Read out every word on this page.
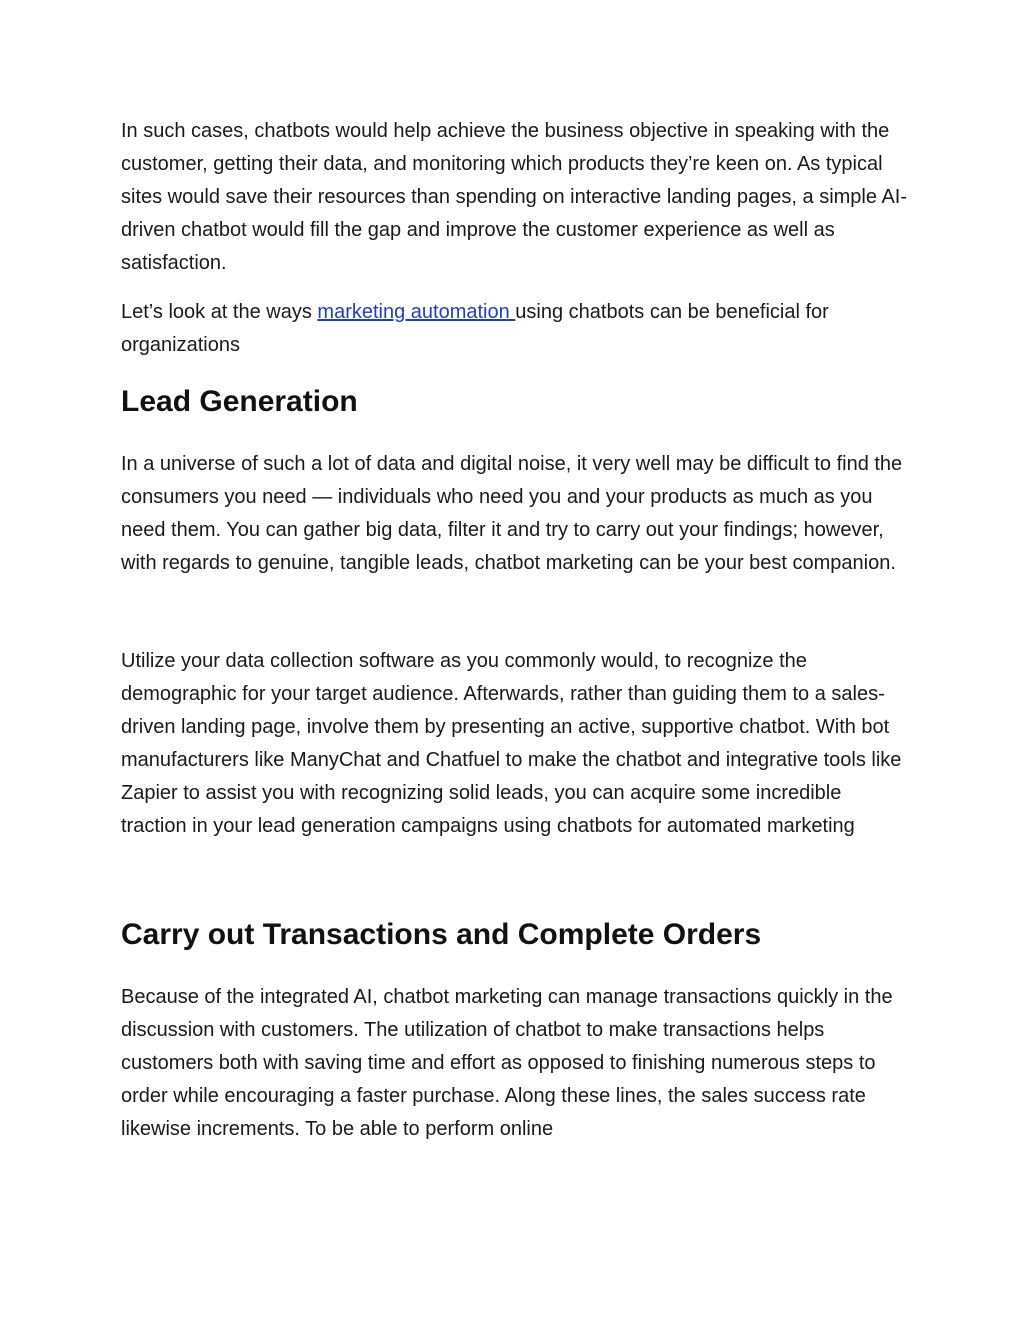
In such cases, chatbots would help achieve the business objective in speaking with the customer, getting their data, and monitoring which products they’re keen on. As typical sites would save their resources than spending on interactive landing pages, a simple AI-driven chatbot would fill the gap and improve the customer experience as well as satisfaction.

Let’s look at the ways marketing automation using chatbots can be beneficial for organizations

Lead Generation

In a universe of such a lot of data and digital noise, it very well may be difficult to find the consumers you need — individuals who need you and your products as much as you need them. You can gather big data, filter it and try to carry out your findings; however, with regards to genuine, tangible leads, chatbot marketing can be your best companion.

Utilize your data collection software as you commonly would, to recognize the demographic for your target audience. Afterwards, rather than guiding them to a sales-driven landing page, involve them by presenting an active, supportive chatbot. With bot manufacturers like ManyChat and Chatfuel to make the chatbot and integrative tools like Zapier to assist you with recognizing solid leads, you can acquire some incredible traction in your lead generation campaigns using chatbots for automated marketing

Carry out Transactions and Complete Orders

Because of the integrated AI, chatbot marketing can manage transactions quickly in the discussion with customers. The utilization of chatbot to make transactions helps customers both with saving time and effort as opposed to finishing numerous steps to order while encouraging a faster purchase. Along these lines, the sales success rate likewise increments. To be able to perform online
